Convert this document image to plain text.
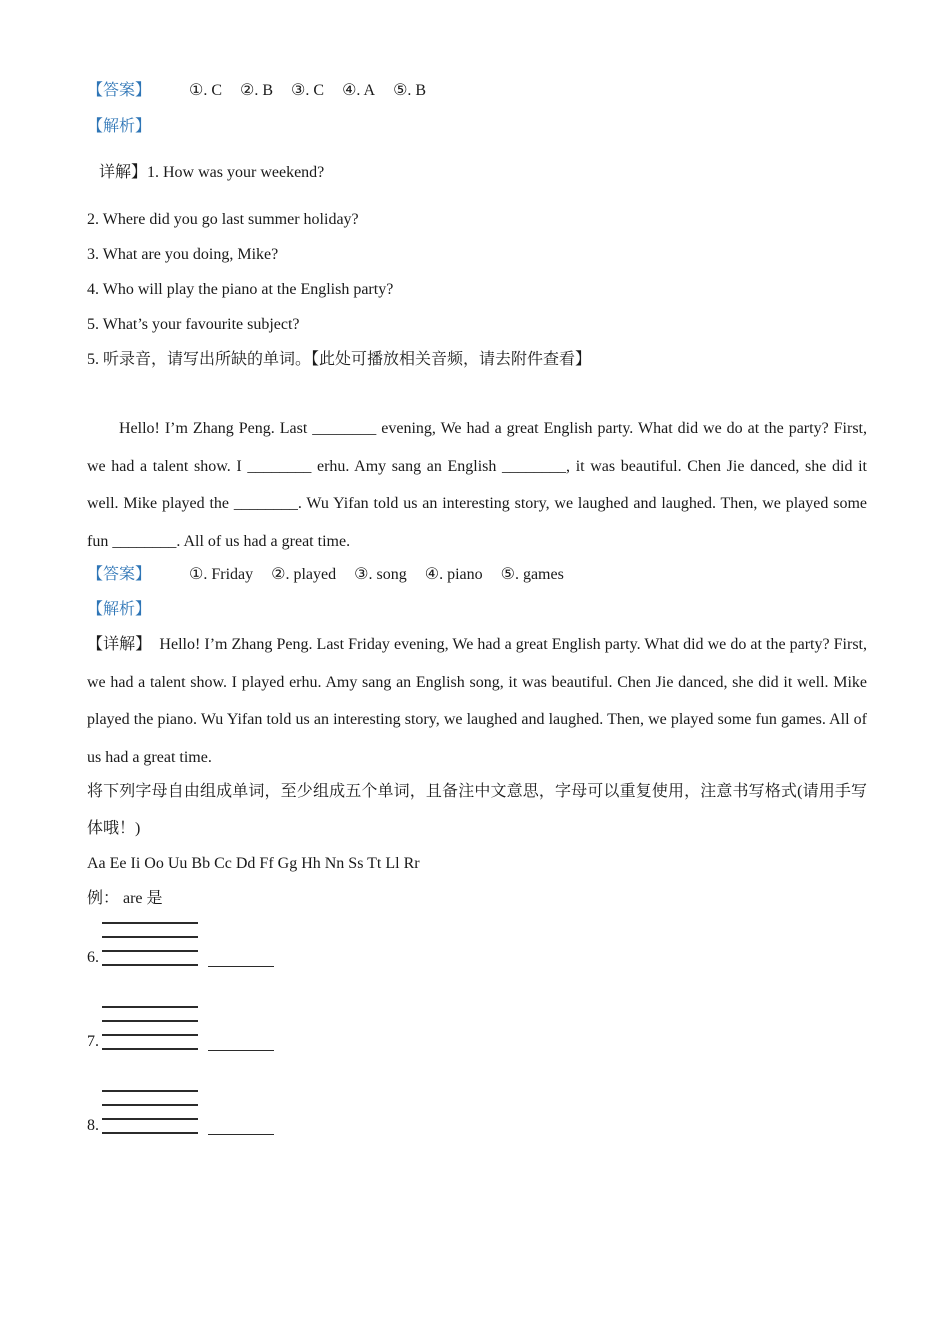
【答案】 ①. C ②. B ③. C ④. A ⑤. B
【解析】
详解】1. How was your weekend?
2. Where did you go last summer holiday?
3. What are you doing, Mike?
4. Who will play the piano at the English party?
5. What’s your favourite subject?
5. 听录音，请写出所缺的单词。【此处可播放相关音频，请去附件查看】
Hello! I’m Zhang Peng. Last ________ evening, We had a great English party. What did we do at the party? First, we had a talent show. I ________ erhu. Amy sang an English ________, it was beautiful. Chen Jie danced, she did it well. Mike played the ________. Wu Yifan told us an interesting story, we laughed and laughed. Then, we played some fun ________. All of us had a great time.
【答案】 ①. Friday ②. played ③. song ④. piano ⑤. games
【解析】
【详解】 Hello! I’m Zhang Peng. Last Friday evening, We had a great English party. What did we do at the party? First, we had a talent show. I played erhu. Amy sang an English song, it was beautiful. Chen Jie danced, she did it well. Mike played the piano. Wu Yifan told us an interesting story, we laughed and laughed. Then, we played some fun games. All of us had a great time.
将下列字母自由组成单词，至少组成五个单词，且备注中文意思，字母可以重复使用，注意书写格式(请用手写体哦！)
Aa Ee Ii Oo Uu Bb Cc Dd Ff Gg Hh Nn Ss Tt Ll Rr
例： are 是
6.
7.
8.
